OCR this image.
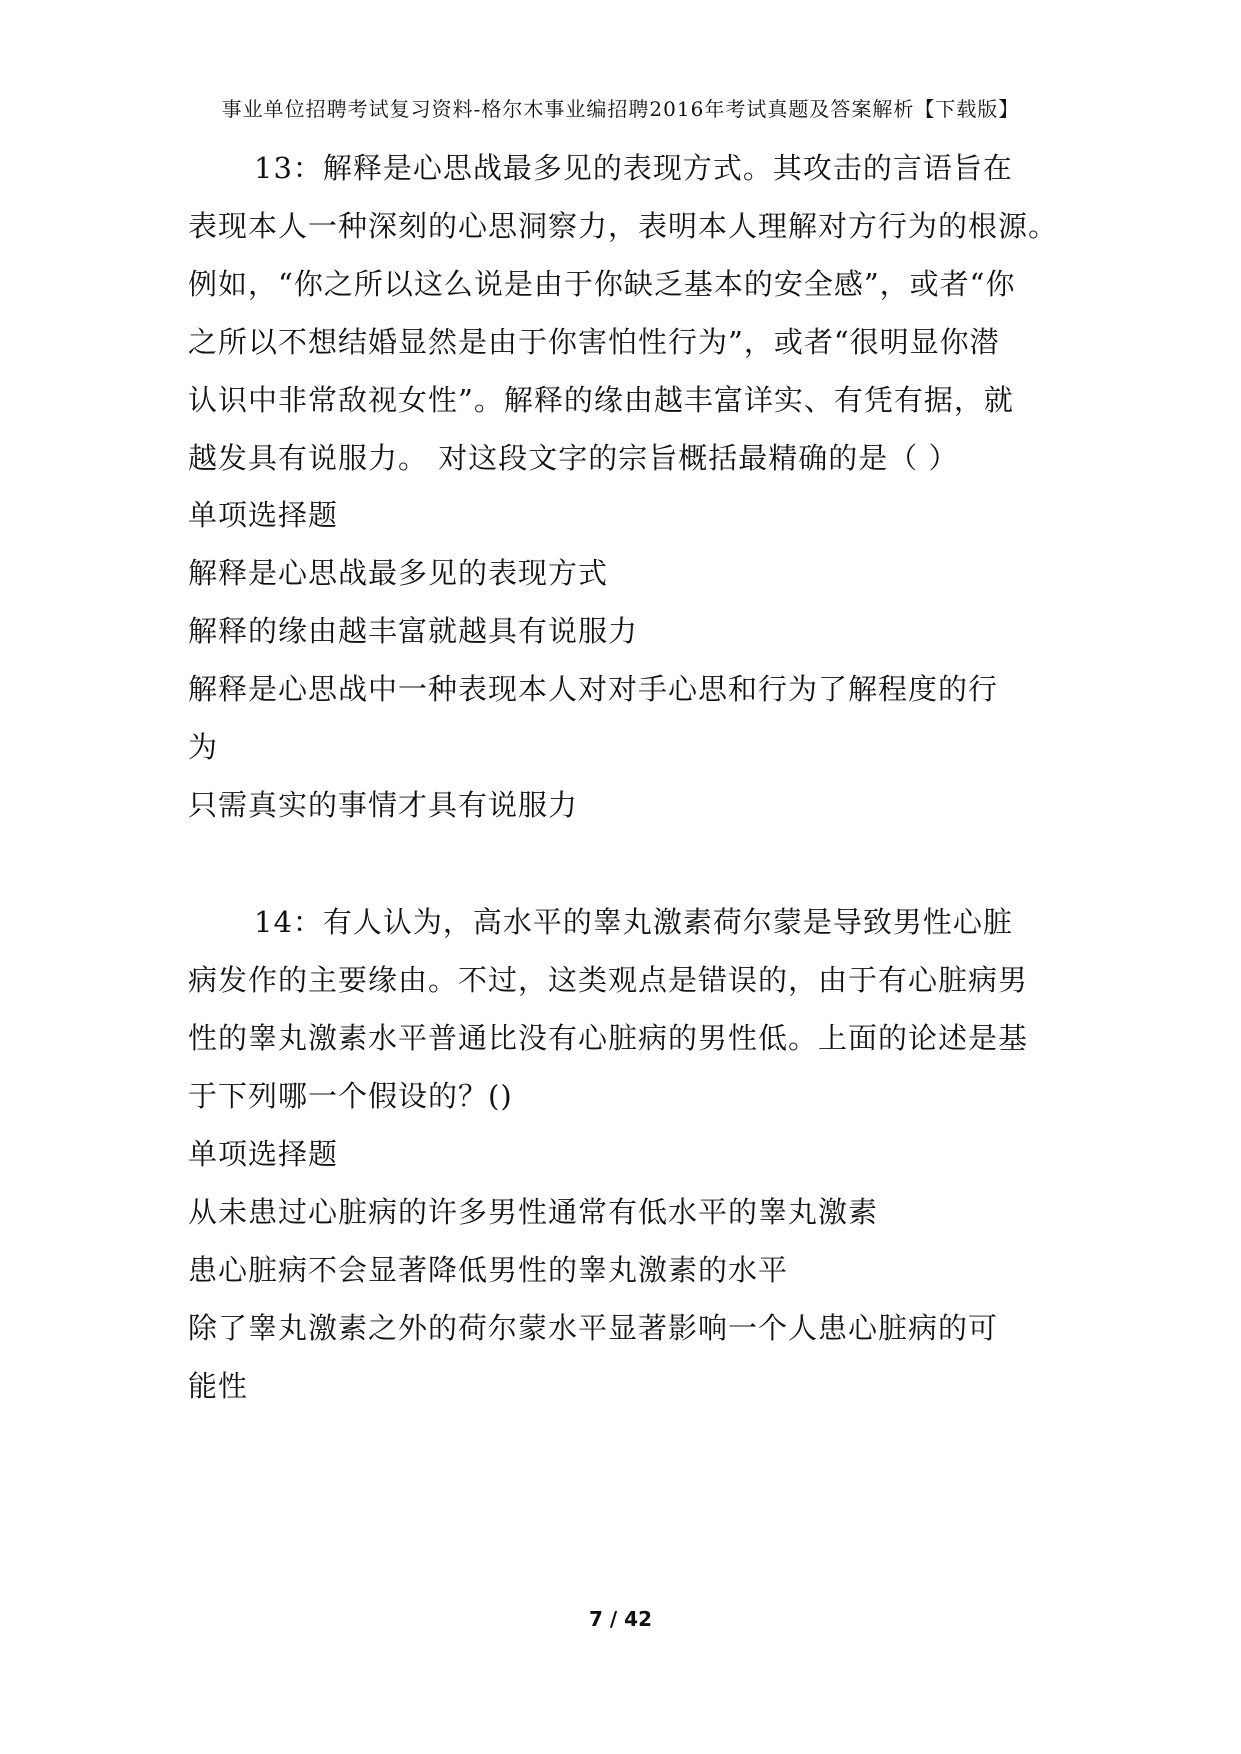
事业单位招聘考试复习资料-格尔木事业编招聘2016年考试真题及答案解析【下载版】
13：解释是心思战最多见的表现方式。其攻击的言语旨在
表现本人一种深刻的心思洞察力，表明本人理解对方行为的根源。
例如，“你之所以这么说是由于你缺乏基本的安全感”，或者“你
之所以不想结婚显然是由于你害怕性行为”，或者“很明显你潜
认识中非常敌视女性”。解释的缘由越丰富详实、有凭有据，就
越发具有说服力。 对这段文字的宗旨概括最精确的是（ ）
单项选择题
解释是心思战最多见的表现方式
解释的缘由越丰富就越具有说服力
解释是心思战中一种表现本人对对手心思和行为了解程度的行
为
只需真实的事情才具有说服力
14：有人认为，高水平的睾丸激素荷尔蒙是导致男性心脏
病发作的主要缘由。不过，这类观点是错误的，由于有心脏病男
性的睾丸激素水平普通比没有心脏病的男性低。上面的论述是基
于下列哪一个假设的？()
单项选择题
从未患过心脏病的许多男性通常有低水平的睾丸激素
患心脏病不会显著降低男性的睾丸激素的水平
除了睾丸激素之外的荷尔蒙水平显著影响一个人患心脏病的可
能性
7 / 42
